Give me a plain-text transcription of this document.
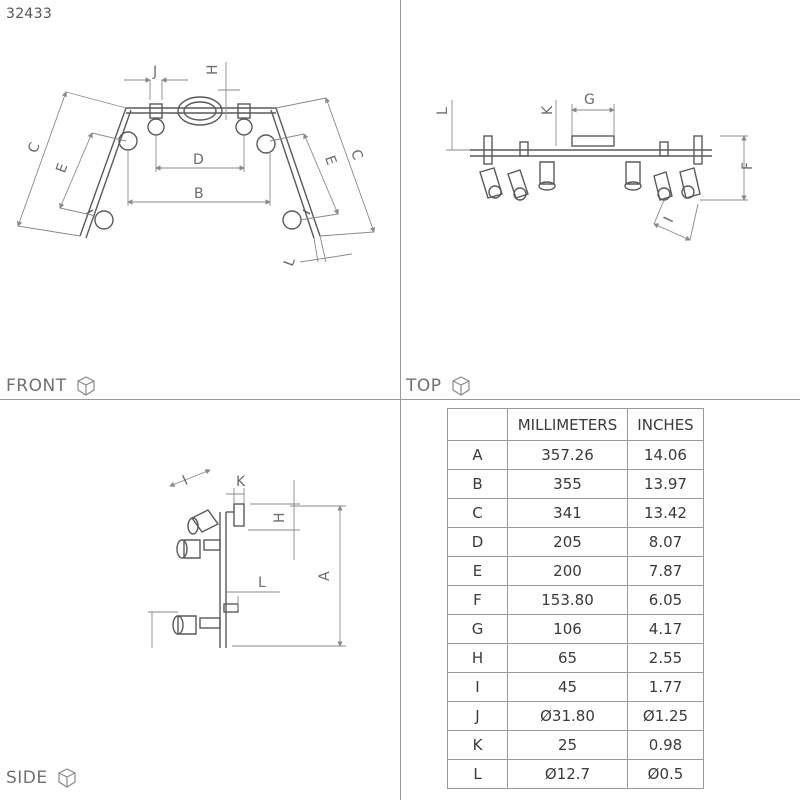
32433
J	H
C
E
D
B
E C
L
L	K
G
F
I
I	K
H
A
L
FRONT	TOP
SIDE
	MILLIMETERS	INCHES
A	357.26	14.06
B	355	13.97
C	341	13.42
D	205	8.07
E	200	7.87
F	153.80	6.05
G	106	4.17
H	65	2.55
I	45	1.77
J	Ø31.80	Ø1.25
K	25	0.98
L	Ø12.7	Ø0.5
